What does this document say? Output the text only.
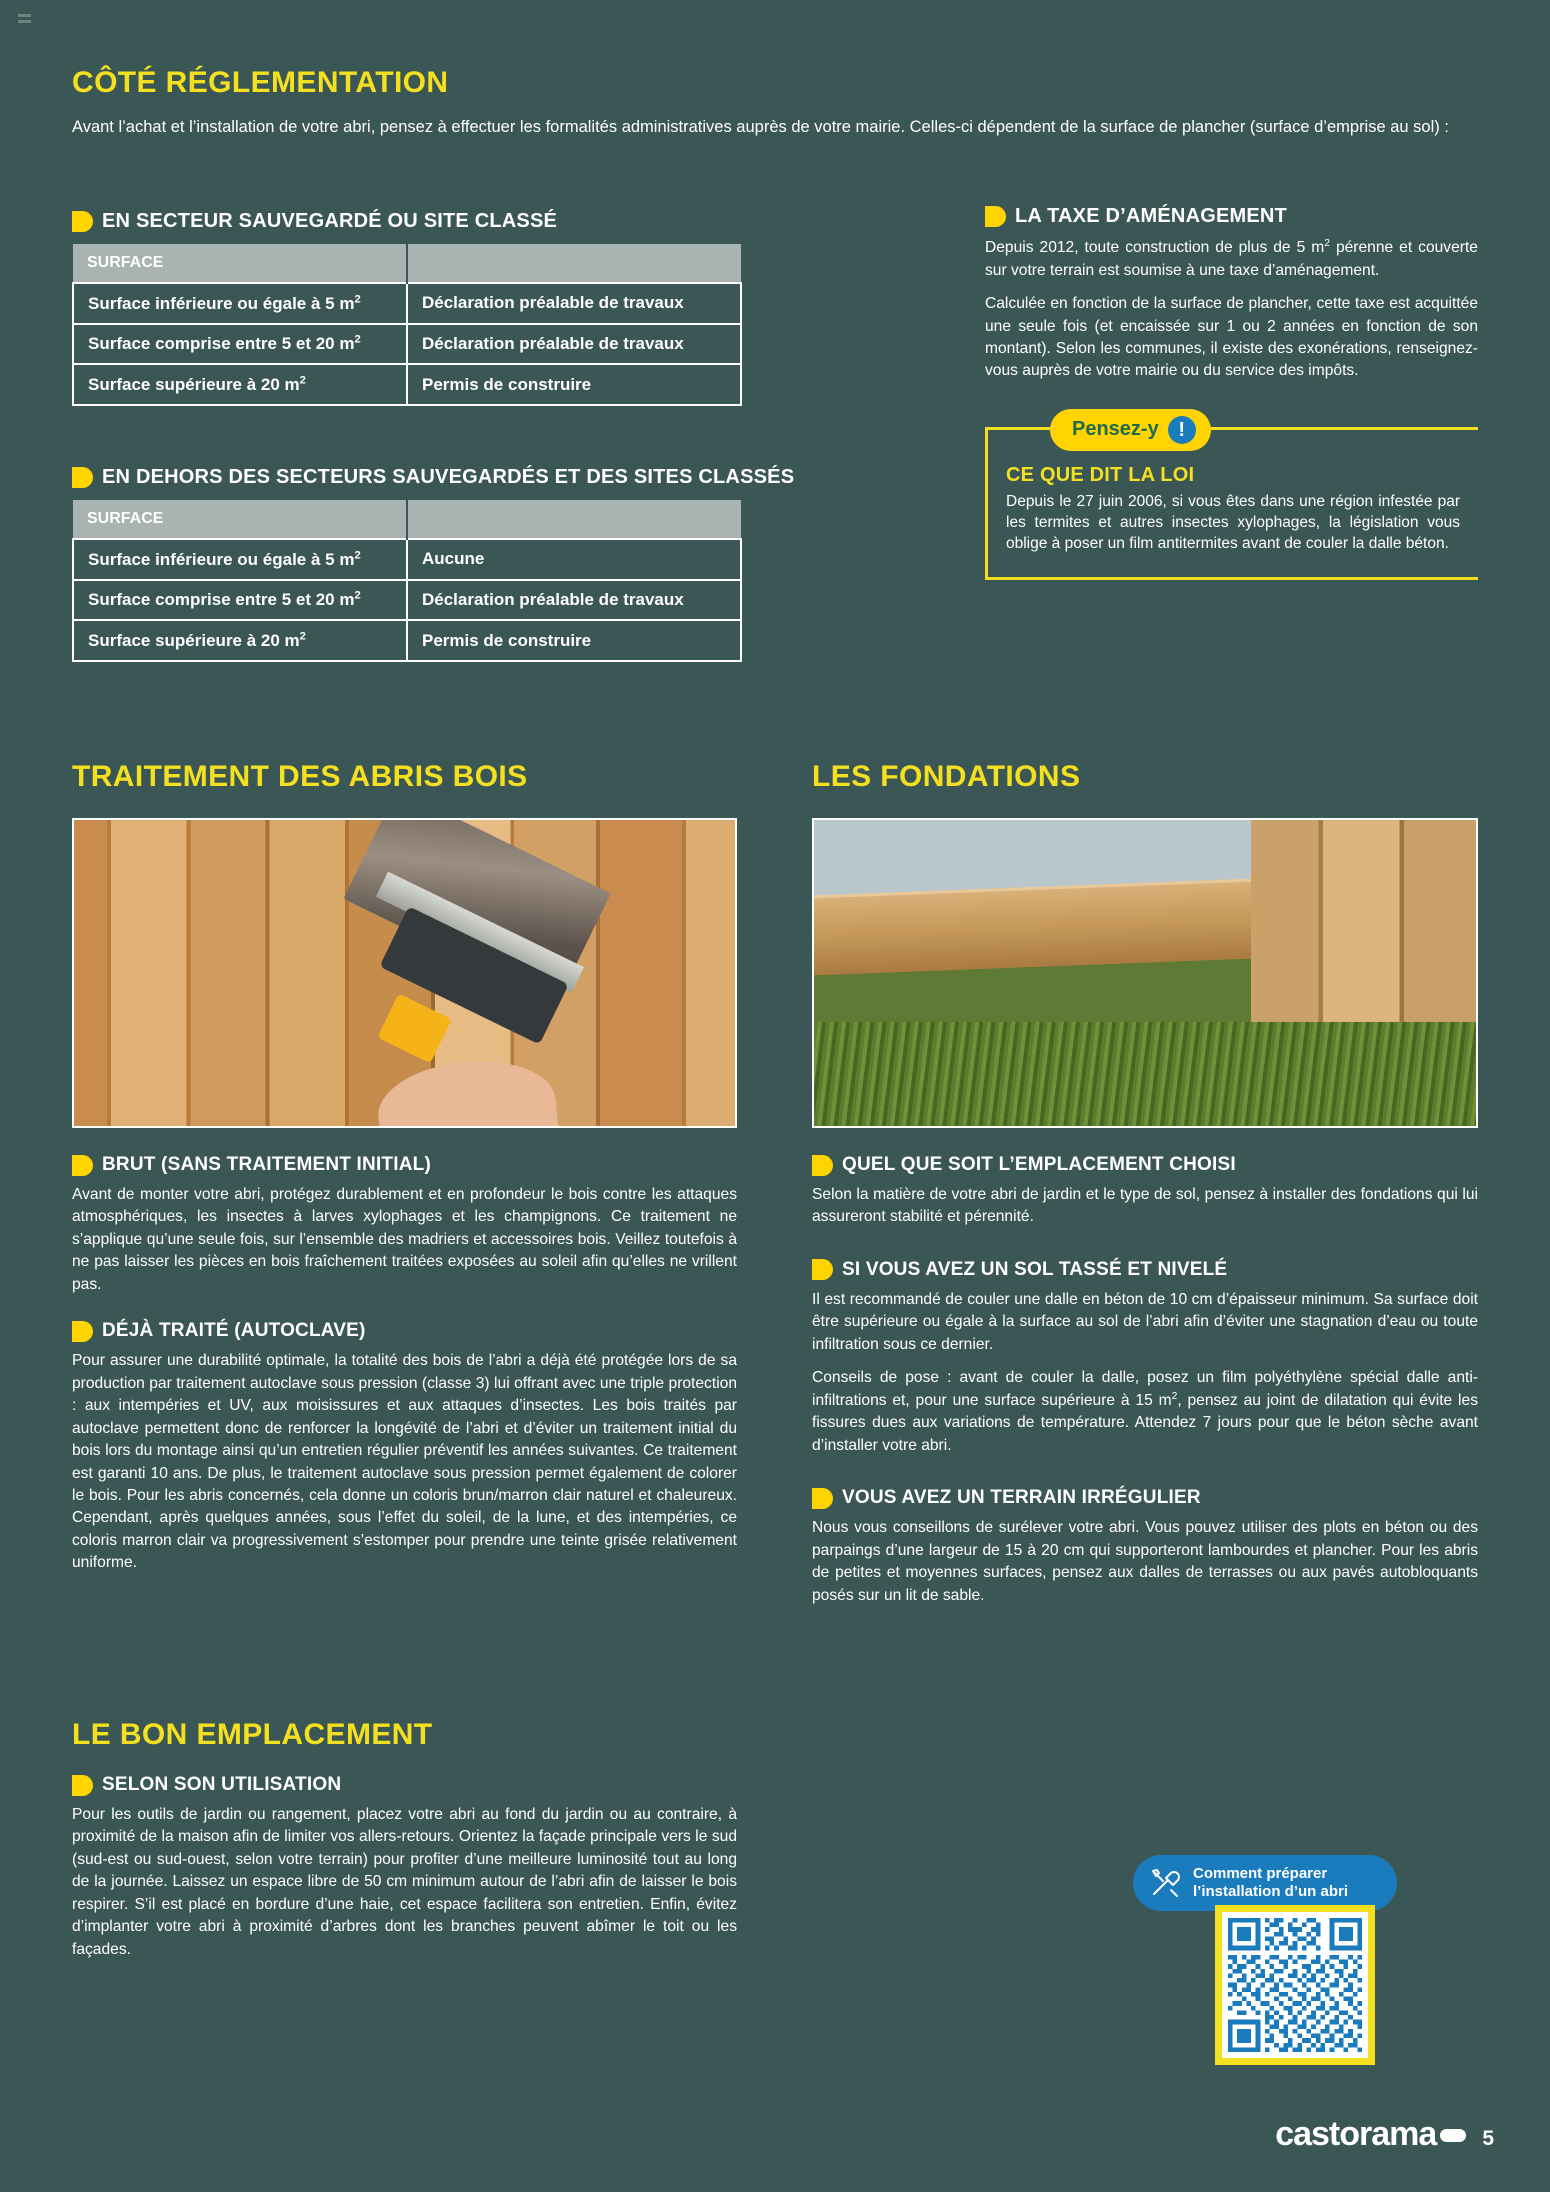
CÔTÉ RÉGLEMENTATION

Avant l’achat et l’installation de votre abri, pensez à effectuer les formalités administratives auprès de votre mairie. Celles-ci dépendent de la surface de plancher (surface d’emprise au sol) :

EN SECTEUR SAUVEGARDÉ OU SITE CLASSÉ
SURFACE	
Surface inférieure ou égale à 5 $m^2$	Déclaration préalable de travaux
Surface comprise entre 5 et 20 $m^2$	Déclaration préalable de travaux
Surface supérieure à 20 $m^2$	Permis de construire
EN DEHORS DES SECTEURS SAUVEGARDÉS ET DES SITES CLASSÉS
SURFACE	
Surface inférieure ou égale à 5 $m^2$	Aucune
Surface comprise entre 5 et 20 $m^2$	Déclaration préalable de travaux
Surface supérieure à 20 $m^2$	Permis de construire
LA TAXE D’AMÉNAGEMENT

Depuis 2012, toute construction de plus de 5 $m^2$ pérenne et couverte sur votre terrain est soumise à une taxe d’aménagement.

Calculée en fonction de la surface de plancher, cette taxe est acquittée une seule fois (et encaissée sur 1 ou 2 années en fonction de son montant). Selon les communes, il existe des exonérations, renseignez-vous auprès de votre mairie ou du service des impôts.

Pensez-y !
CE QUE DIT LA LOI

Depuis le 27 juin 2006, si vous êtes dans une région infestée par les termites et autres insectes xylophages, la législation vous oblige à poser un film antitermites avant de couler la dalle béton.

TRAITEMENT DES ABRIS BOIS
BRUT (SANS TRAITEMENT INITIAL)

Avant de monter votre abri, protégez durablement et en profondeur le bois contre les attaques atmosphériques, les insectes à larves xylophages et les champignons. Ce traitement ne s’applique qu’une seule fois, sur l’ensemble des madriers et accessoires bois. Veillez toutefois à ne pas laisser les pièces en bois fraîchement traitées exposées au soleil afin qu’elles ne vrillent pas.

DÉJÀ TRAITÉ (AUTOCLAVE)

Pour assurer une durabilité optimale, la totalité des bois de l’abri a déjà été protégée lors de sa production par traitement autoclave sous pression (classe 3) lui offrant avec une triple protection : aux intempéries et UV, aux moisissures et aux attaques d’insectes. Les bois traités par autoclave permettent donc de renforcer la longévité de l’abri et d’éviter un traitement initial du bois lors du montage ainsi qu’un entretien régulier préventif les années suivantes. Ce traitement est garanti 10 ans. De plus, le traitement autoclave sous pression permet également de colorer le bois. Pour les abris concernés, cela donne un coloris brun/marron clair naturel et chaleureux. Cependant, après quelques années, sous l’effet du soleil, de la lune, et des intempéries, ce coloris marron clair va progressivement s’estomper pour prendre une teinte grisée relativement uniforme.

LES FONDATIONS
QUEL QUE SOIT L’EMPLACEMENT CHOISI

Selon la matière de votre abri de jardin et le type de sol, pensez à installer des fondations qui lui assureront stabilité et pérennité.

SI VOUS AVEZ UN SOL TASSÉ ET NIVELÉ

Il est recommandé de couler une dalle en béton de 10 cm d’épaisseur minimum. Sa surface doit être supérieure ou égale à la surface au sol de l’abri afin d’éviter une stagnation d’eau ou toute infiltration sous ce dernier.

Conseils de pose : avant de couler la dalle, posez un film polyéthylène spécial dalle anti-infiltrations et, pour une surface supérieure à 15 $m^2$, pensez au joint de dilatation qui évite les fissures dues aux variations de température. Attendez 7 jours pour que le béton sèche avant d’installer votre abri.

VOUS AVEZ UN TERRAIN IRRÉGULIER

Nous vous conseillons de surélever votre abri. Vous pouvez utiliser des plots en béton ou des parpaings d’une largeur de 15 à 20 cm qui supporteront lambourdes et plancher. Pour les abris de petites et moyennes surfaces, pensez aux dalles de terrasses ou aux pavés autobloquants posés sur un lit de sable.

LE BON EMPLACEMENT
SELON SON UTILISATION

Pour les outils de jardin ou rangement, placez votre abri au fond du jardin ou au contraire, à proximité de la maison afin de limiter vos allers-retours. Orientez la façade principale vers le sud (sud-est ou sud-ouest, selon votre terrain) pour profiter d’une meilleure luminosité tout au long de la journée. Laissez un espace libre de 50 cm minimum autour de l’abri afin de laisser le bois respirer. S’il est placé en bordure d’une haie, cet espace facilitera son entretien. Enfin, évitez d’implanter votre abri à proximité d’arbres dont les branches peuvent abîmer le toit ou les façades.

Comment préparer
l’installation d’un abri
castorama	5
